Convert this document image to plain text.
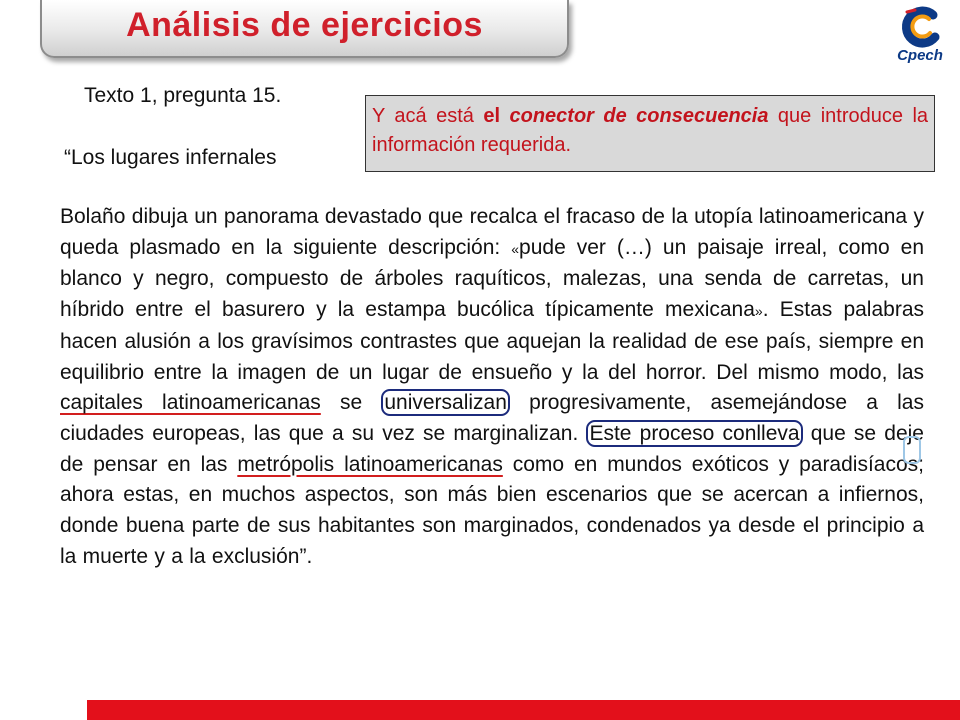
Análisis de ejercicios
Cpech
Texto 1, pregunta 15.
Y acá está el conector de consecuencia que introduce la información requerida.
“Los lugares infernales
Bolaño dibuja un panorama devastado que recalca el fracaso de la utopía latinoamericana y queda plasmado en la siguiente descripción: «pude ver (…) un paisaje irreal, como en blanco y negro, compuesto de árboles raquíticos, malezas, una senda de carretas, un híbrido entre el basurero y la estampa bucólica típicamente mexicana». Estas palabras hacen alusión a los gravísimos contrastes que aquejan la realidad de ese país, siempre en equilibrio entre la imagen de un lugar de ensueño y la del horror. Del mismo modo, las capitales latinoamericanas se universalizan progresivamente, asemejándose a las ciudades europeas, las que a su vez se marginalizan. Este proceso conlleva que se deje de pensar en las metrópolis latinoamericanas como en mundos exóticos y paradisíacos; ahora estas, en muchos aspectos, son más bien escenarios que se acercan a infiernos, donde buena parte de sus habitantes son marginados, condenados ya desde el principio a la muerte y a la exclusión”.
